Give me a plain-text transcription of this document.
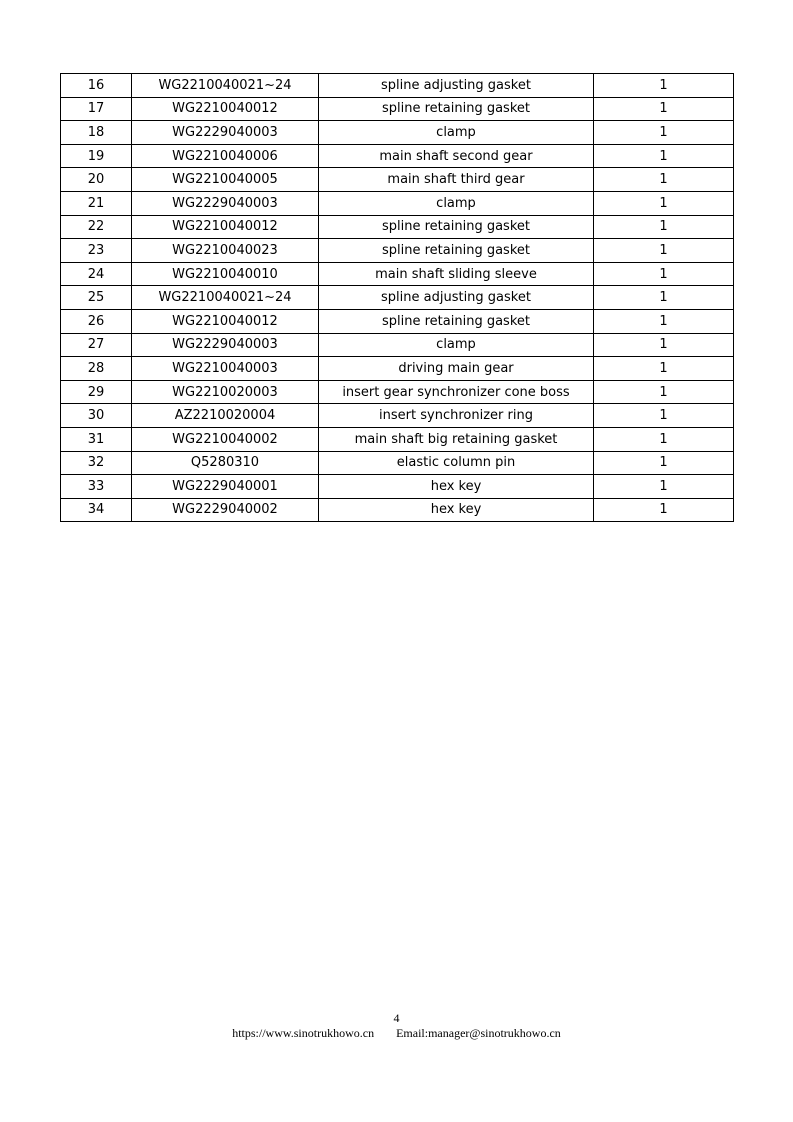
16	WG2210040021~24	spline adjusting gasket	1
17	WG2210040012	spline retaining gasket	1
18	WG2229040003	clamp	1
19	WG2210040006	main shaft second gear	1
20	WG2210040005	main shaft third gear	1
21	WG2229040003	clamp	1
22	WG2210040012	spline retaining gasket	1
23	WG2210040023	spline retaining gasket	1
24	WG2210040010	main shaft sliding sleeve	1
25	WG2210040021~24	spline adjusting gasket	1
26	WG2210040012	spline retaining gasket	1
27	WG2229040003	clamp	1
28	WG2210040003	driving main gear	1
29	WG2210020003	insert gear synchronizer cone boss	1
30	AZ2210020004	insert synchronizer ring	1
31	WG2210040002	main shaft big retaining gasket	1
32	Q5280310	elastic column pin	1
33	WG2229040001	hex key	1
34	WG2229040002	hex key	1
4
https://www.sinotrukhowo.cn Email:manager@sinotrukhowo.cn
